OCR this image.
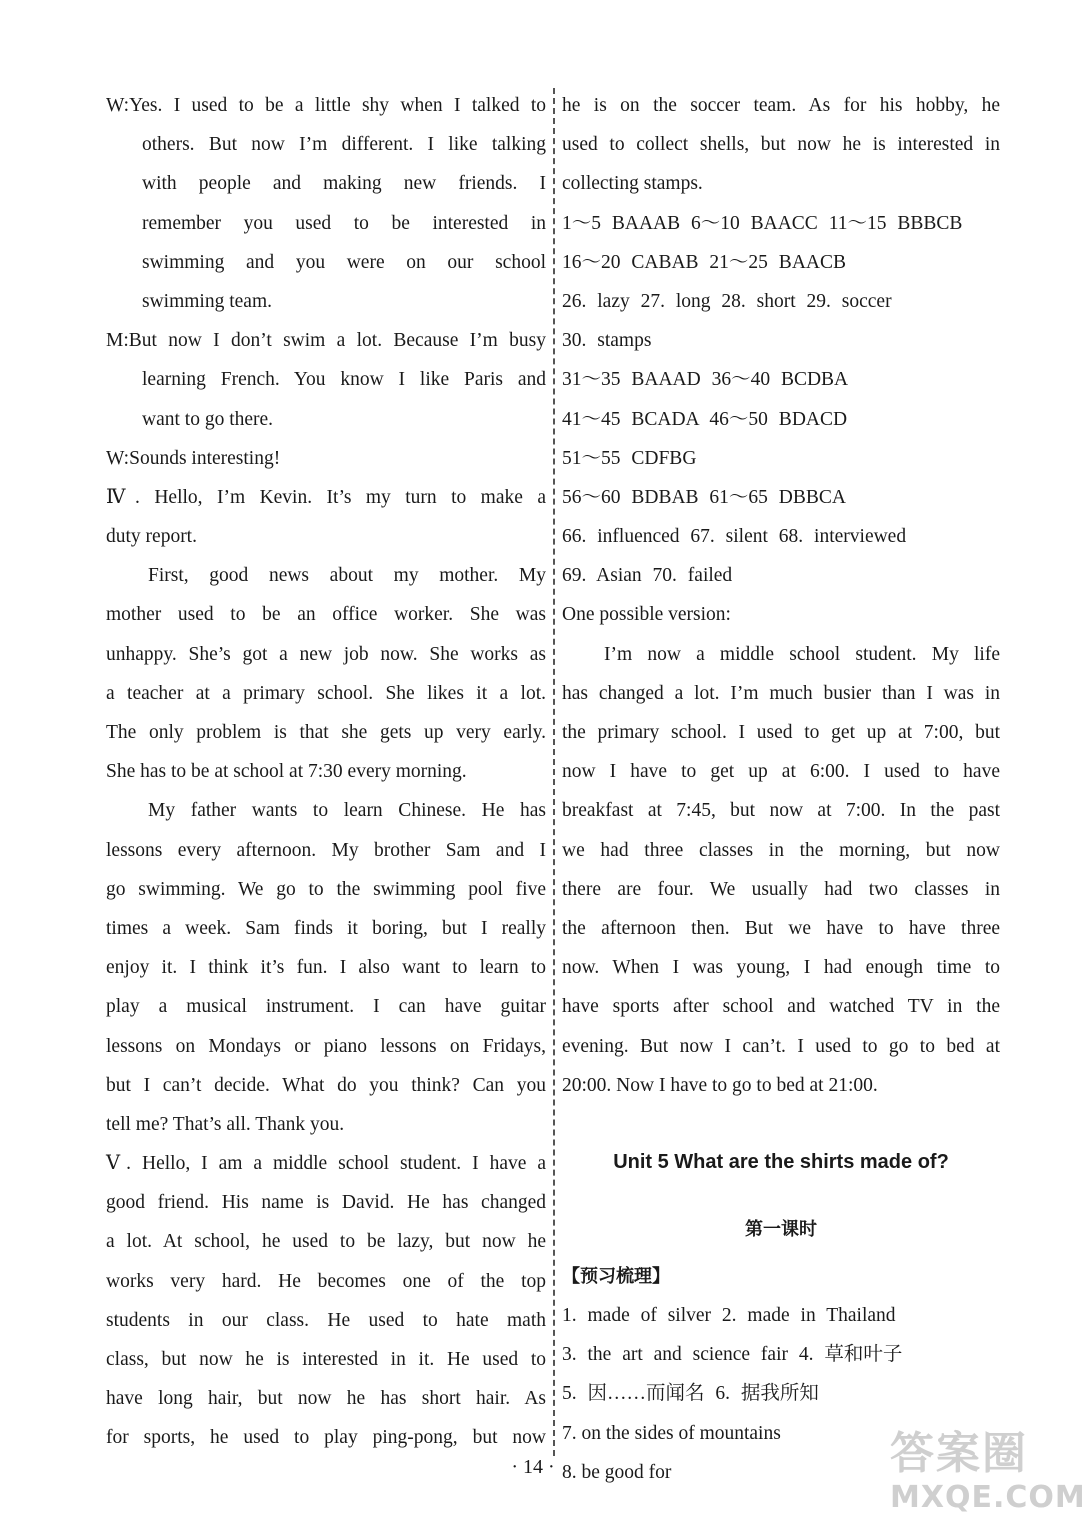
W:Yes. I used to be a little shy when I talked to
others. But now I’m different. I like talking
with people and making new friends. I
remember you used to be interested in
swimming and you were on our school
swimming team.
M:But now I don’t swim a lot. Because I’m busy
learning French. You know I like Paris and
want to go there.
W:Sounds interesting!
Ⅳ. Hello, I’m Kevin. It’s my turn to make a
duty report.
First, good news about my mother. My
mother used to be an office worker. She was
unhappy. She’s got a new job now. She works as
a teacher at a primary school. She likes it a lot.
The only problem is that she gets up very early.
She has to be at school at 7:30 every morning.
My father wants to learn Chinese. He has
lessons every afternoon. My brother Sam and I
go swimming. We go to the swimming pool five
times a week. Sam finds it boring, but I really
enjoy it. I think it’s fun. I also want to learn to
play a musical instrument. I can have guitar
lessons on Mondays or piano lessons on Fridays,
but I can’t decide. What do you think? Can you
tell me? That’s all. Thank you.
Ⅴ. Hello, I am a middle school student. I have a
good friend. His name is David. He has changed
a lot. At school, he used to be lazy, but now he
works very hard. He becomes one of the top
students in our class. He used to hate math
class, but now he is interested in it. He used to
have long hair, but now he has short hair. As
for sports, he used to play ping-pong, but now
he is on the soccer team. As for his hobby, he
used to collect shells, but now he is interested in
collecting stamps.
1～5 BAAAB 6～10 BAACC 11～15 BBBCB
16～20 CABAB 21～25 BAACB
26. lazy 27. long 28. short 29. soccer
30. stamps
31～35 BAAAD 36～40 BCDBA
41～45 BCADA 46～50 BDACD
51～55 CDFBG
56～60 BDBAB 61～65 DBBCA
66. influenced 67. silent 68. interviewed
69. Asian 70. failed
One possible version:
I’m now a middle school student. My life
has changed a lot. I’m much busier than I was in
the primary school. I used to get up at 7:00, but
now I have to get up at 6:00. I used to have
breakfast at 7:45, but now at 7:00. In the past
we had three classes in the morning, but now
there are four. We usually had two classes in
the afternoon then. But we have to have three
now. When I was young, I had enough time to
have sports after school and watched TV in the
evening. But now I can’t. I used to go to bed at
20:00. Now I have to go to bed at 21:00.
Unit 5 What are the shirts made of?
第一课时
【预习梳理】
1. made of silver 2. made in Thailand
3. the art and science fair 4. 草和叶子
5. 因……而闻名 6. 据我所知
7. on the sides of mountains
8. be good for
· 14 ·	答案圈
MXQE.COM
